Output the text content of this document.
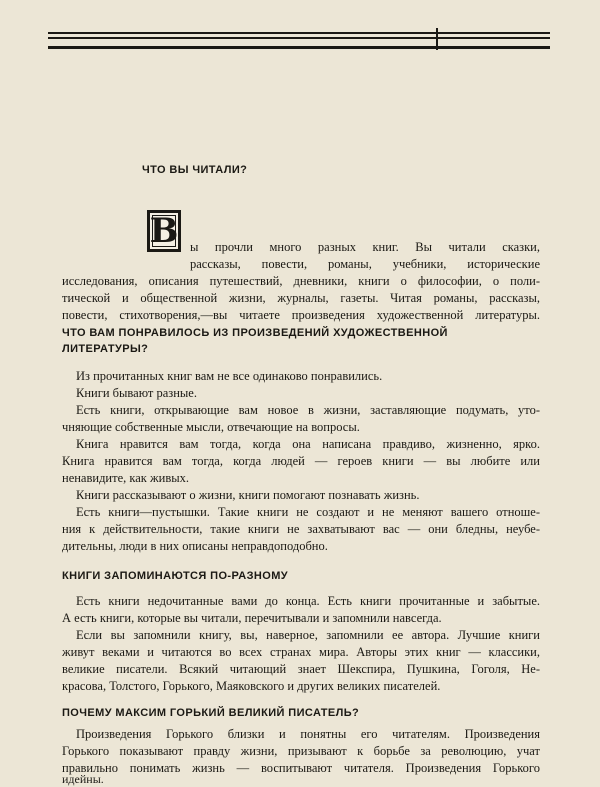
ЧТО ВЫ ЧИТАЛИ?
В ы прочли много разных книг. Вы читали сказки,

рассказы, повести, романы, учебники, исторические

исследования, описания путешествий, дневники, книги о философии, о поли-

тической и общественной жизни, журналы, газеты. Читая романы, рассказы,

повести, стихотворения,—вы читаете произведения художественной литературы.

ЧТО ВАМ ПОНРАВИЛОСЬ ИЗ ПРОИЗВЕДЕНИЙ ХУДОЖЕСТВЕННОЙ
ЛИТЕРАТУРЫ?

Из прочитанных книг вам не все одинаково понравились.

Книги бывают разные.

Есть книги, открывающие вам новое в жизни, заставляющие подумать, уто-

чняющие собственные мысли, отвечающие на вопросы.

Книга нравится вам тогда, когда она написана правдиво, жизненно, ярко.

Книга нравится вам тогда, когда людей — героев книги — вы любите или

ненавидите, как живых.

Книги рассказывают о жизни, книги помогают познавать жизнь.

Есть книги—пустышки. Такие книги не создают и не меняют вашего отноше-

ния к действительности, такие книги не захватывают вас — они бледны, неубе-

дительны, люди в них описаны неправдоподобно.

КНИГИ ЗАПОМИНАЮТСЯ ПО-РАЗНОМУ

Есть книги недочитанные вами до конца. Есть книги прочитанные и забытые.

А есть книги, которые вы читали, перечитывали и запомнили навсегда.

Если вы запомнили книгу, вы, наверное, запомнили ее автора. Лучшие книги

живут веками и читаются во всех странах мира. Авторы этих книг — классики,

великие писатели. Всякий читающий знает Шекспира, Пушкина, Гоголя, Не-

красова, Толстого, Горького, Маяковского и других великих писателей.

ПОЧЕМУ МАКСИМ ГОРЬКИЙ ВЕЛИКИЙ ПИСАТЕЛЬ?

Произведения Горького близки и понятны его читателям. Произведения

Горького показывают правду жизни, призывают к борьбе за революцию, учат

правильно понимать жизнь — воспитывают читателя. Произведения Горького

идейны.
